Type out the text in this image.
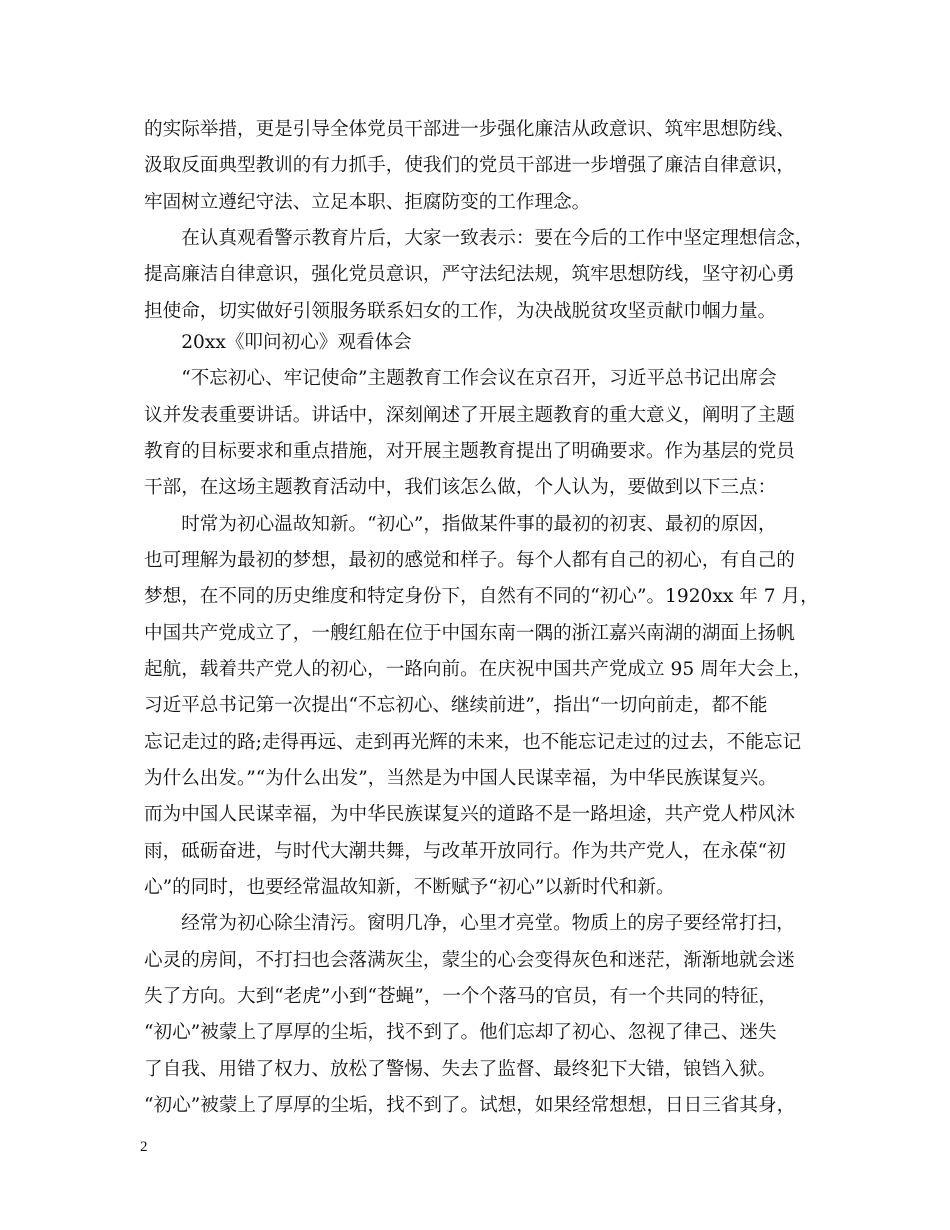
的实际举措，更是引导全体党员干部进一步强化廉洁从政意识、筑牢思想防线、
汲取反面典型教训的有力抓手，使我们的党员干部进一步增强了廉洁自律意识，
牢固树立遵纪守法、立足本职、拒腐防变的工作理念。
　　在认真观看警示教育片后，大家一致表示：要在今后的工作中坚定理想信念，
提高廉洁自律意识，强化党员意识，严守法纪法规，筑牢思想防线，坚守初心勇
担使命，切实做好引领服务联系妇女的工作，为决战脱贫攻坚贡献巾帼力量。
　　20xx《叩问初心》观看体会
　　“不忘初心、牢记使命”主题教育工作会议在京召开，习近平总书记出席会
议并发表重要讲话。讲话中，深刻阐述了开展主题教育的重大意义，阐明了主题
教育的目标要求和重点措施，对开展主题教育提出了明确要求。作为基层的党员
干部，在这场主题教育活动中，我们该怎么做，个人认为，要做到以下三点：
　　时常为初心温故知新。“初心”，指做某件事的最初的初衷、最初的原因，
也可理解为最初的梦想，最初的感觉和样子。每个人都有自己的初心，有自己的
梦想，在不同的历史维度和特定身份下，自然有不同的“初心”。1920xx 年 7 月，
中国共产党成立了，一艘红船在位于中国东南一隅的浙江嘉兴南湖的湖面上扬帆
起航，载着共产党人的初心，一路向前。在庆祝中国共产党成立 95 周年大会上，
习近平总书记第一次提出“不忘初心、继续前进”，指出“一切向前走，都不能
忘记走过的路;走得再远、走到再光辉的未来，也不能忘记走过的过去，不能忘记
为什么出发。”“为什么出发”，当然是为中国人民谋幸福，为中华民族谋复兴。
而为中国人民谋幸福，为中华民族谋复兴的道路不是一路坦途，共产党人栉风沐
雨，砥砺奋进，与时代大潮共舞，与改革开放同行。作为共产党人，在永葆“初
心”的同时，也要经常温故知新，不断赋予“初心”以新时代和新。
　　经常为初心除尘清污。窗明几净，心里才亮堂。物质上的房子要经常打扫，
心灵的房间，不打扫也会落满灰尘，蒙尘的心会变得灰色和迷茫，渐渐地就会迷
失了方向。大到“老虎”小到“苍蝇”，一个个落马的官员，有一个共同的特征，
“初心”被蒙上了厚厚的尘垢，找不到了。他们忘却了初心、忽视了律己、迷失
了自我、用错了权力、放松了警惕、失去了监督、最终犯下大错，锒铛入狱。
“初心”被蒙上了厚厚的尘垢，找不到了。试想，如果经常想想，日日三省其身，
2
